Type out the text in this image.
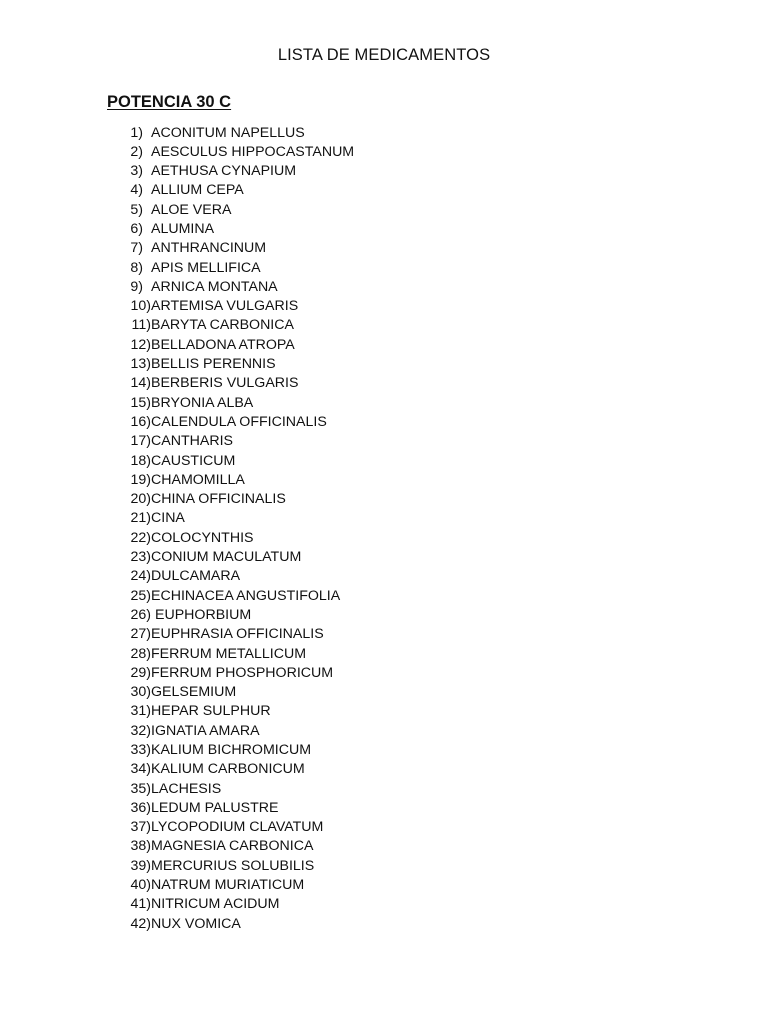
LISTA DE MEDICAMENTOS
POTENCIA 30 C
1) ACONITUM NAPELLUS
2) AESCULUS HIPPOCASTANUM
3) AETHUSA CYNAPIUM
4) ALLIUM CEPA
5) ALOE VERA
6) ALUMINA
7) ANTHRANCINUM
8) APIS MELLIFICA
9) ARNICA MONTANA
10) ARTEMISA VULGARIS
11) BARYTA CARBONICA
12) BELLADONA ATROPA
13) BELLIS PERENNIS
14) BERBERIS VULGARIS
15) BRYONIA ALBA
16) CALENDULA OFFICINALIS
17) CANTHARIS
18) CAUSTICUM
19) CHAMOMILLA
20) CHINA OFFICINALIS
21) CINA
22) COLOCYNTHIS
23) CONIUM MACULATUM
24) DULCAMARA
25) ECHINACEA ANGUSTIFOLIA
26) EUPHORBIUM
27) EUPHRASIA OFFICINALIS
28) FERRUM METALLICUM
29) FERRUM PHOSPHORICUM
30) GELSEMIUM
31) HEPAR SULPHUR
32) IGNATIA AMARA
33) KALIUM BICHROMICUM
34) KALIUM CARBONICUM
35) LACHESIS
36) LEDUM PALUSTRE
37) LYCOPODIUM CLAVATUM
38) MAGNESIA CARBONICA
39) MERCURIUS SOLUBILIS
40) NATRUM MURIATICUM
41) NITRICUM ACIDUM
42) NUX VOMICA
